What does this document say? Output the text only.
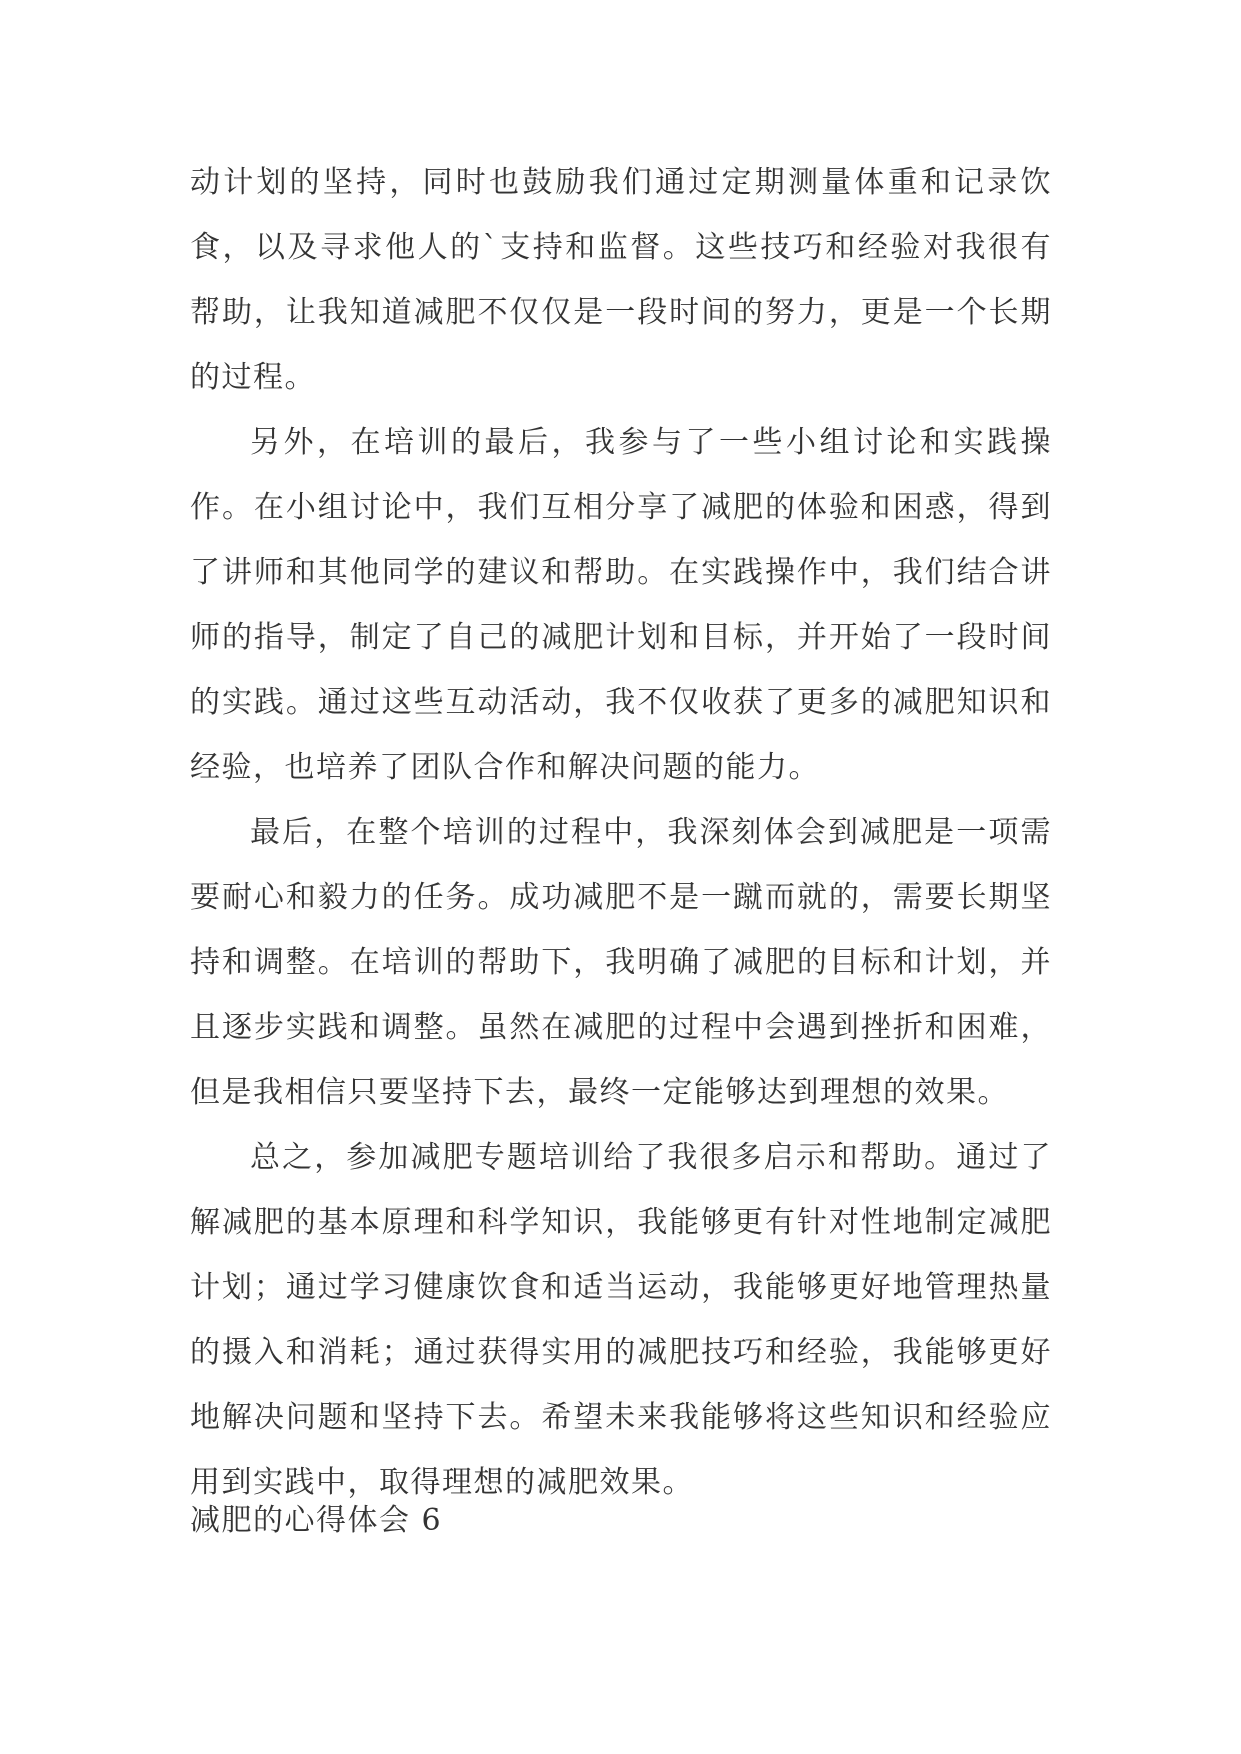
动计划的坚持，同时也鼓励我们通过定期测量体重和记录饮食，以及寻求他人的`支持和监督。这些技巧和经验对我很有帮助，让我知道减肥不仅仅是一段时间的努力，更是一个长期的过程。

另外，在培训的最后，我参与了一些小组讨论和实践操作。在小组讨论中，我们互相分享了减肥的体验和困惑，得到了讲师和其他同学的建议和帮助。在实践操作中，我们结合讲师的指导，制定了自己的减肥计划和目标，并开始了一段时间的实践。通过这些互动活动，我不仅收获了更多的减肥知识和经验，也培养了团队合作和解决问题的能力。

最后，在整个培训的过程中，我深刻体会到减肥是一项需要耐心和毅力的任务。成功减肥不是一蹴而就的，需要长期坚持和调整。在培训的帮助下，我明确了减肥的目标和计划，并且逐步实践和调整。虽然在减肥的过程中会遇到挫折和困难，但是我相信只要坚持下去，最终一定能够达到理想的效果。

总之，参加减肥专题培训给了我很多启示和帮助。通过了解减肥的基本原理和科学知识，我能够更有针对性地制定减肥计划；通过学习健康饮食和适当运动，我能够更好地管理热量的摄入和消耗；通过获得实用的减肥技巧和经验，我能够更好地解决问题和坚持下去。希望未来我能够将这些知识和经验应用到实践中，取得理想的减肥效果。

减肥的心得体会 6
